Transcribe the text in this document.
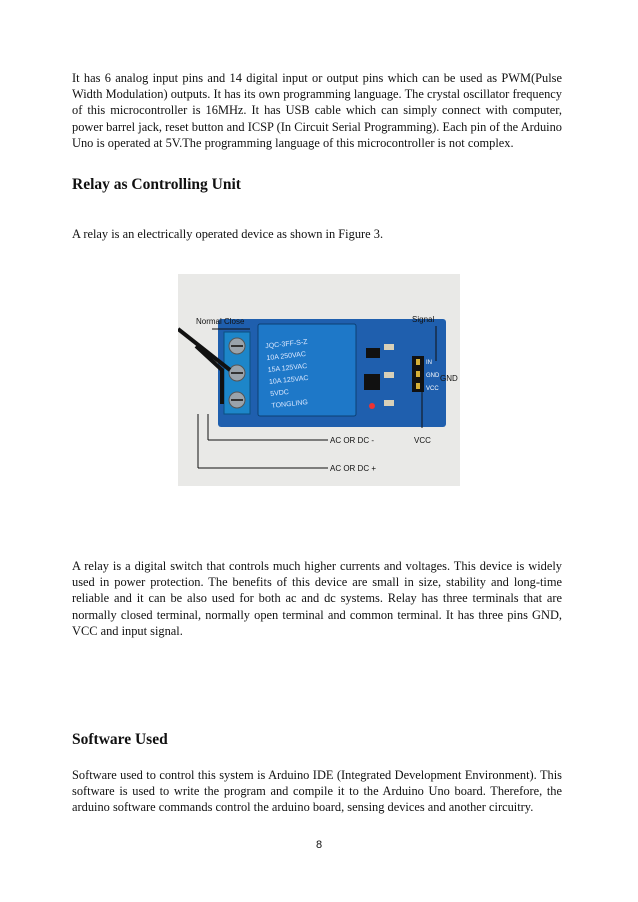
It has 6 analog input pins and 14 digital input or output pins which can be used as PWM(Pulse Width Modulation) outputs. It has its own programming language. The crystal oscillator frequency of this microcontroller is 16MHz. It has USB cable which can simply connect with computer, power barrel jack, reset button and ICSP (In Circuit Serial Programming). Each pin of the Arduino Uno is operated at 5V.The programming language of this microcontroller is not complex.

Relay as Controlling Unit

A relay is an electrically operated device as shown in Figure 3.

JQC-3FF-S-Z
10A 250VAC
15A 125VAC
10A 125VAC
5VDC
TONGLING
IN
GND
VCC
Normal Close	Signal
GND
AC OR DC -	VCC
AC OR DC +

A relay is a digital switch that controls much higher currents and voltages. This device is widely used in power protection. The benefits of this device are small in size, stability and long-time reliable and it can be also used for both ac and dc systems. Relay has three terminals that are normally closed terminal, normally open terminal and common terminal. It has three pins GND, VCC and input signal.

Software Used

Software used to control this system is Arduino IDE (Integrated Development Environment). This software is used to write the program and compile it to the Arduino Uno board. Therefore, the arduino software commands control the arduino board, sensing devices and another circuitry.

8
